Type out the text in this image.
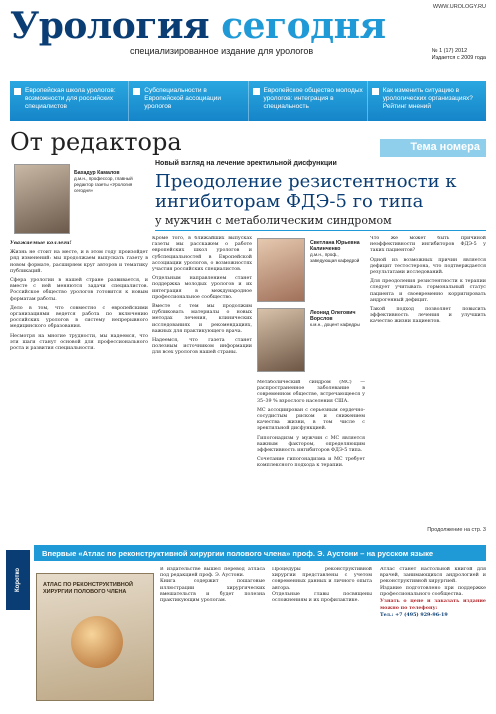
WWW.UROLOGY.RU
Урология сегодня
специализированное издание для урологов	№ 1 (17) 2012
Издается с 2009 года
Европейская школа урологов: возможности для российских специалистов
Субспециальности в Европейской ассоциации урологов
Европейское общество молодых урологов: интеграция в специальность
Как изменить ситуацию в урологических организациях? Рейтинг мнений
От редактора
Бахадур Камалов
д.м.н., профессор, главный редактор газеты «Урология сегодня»

Уважаемые коллеги!

Жизнь не стоит на месте, и в этом году произойдет ряд изменений: мы продолжаем выпускать газету в новом формате, расширяем круг авторов и тематику публикаций.

Сфера урологии в нашей стране развивается, и вместе с ней меняются задачи специалистов. Российское общество урологов готовится к новым форматам работы.

Дело в том, что совместно с европейскими организациями ведется работа по включению российских урологов в систему непрерывного медицинского образования.

Несмотря на многие трудности, мы надеемся, что эти шаги станут основой для профессионального роста и развития специальности.

Тема номера
Новый взгляд на лечение эректильной дисфункции
Преодоление резистентности к ингибиторам ФДЭ-5 го типа
у мужчин с метаболическим синдромом
Светлана Юрьевна Калинченко
д.м.н., проф., заведующая кафедрой
Леонид Олегович Ворслов
к.м.н., доцент кафедры

Кроме того, в ближайших выпусках газеты мы расскажем о работе европейских школ урологов и субспециальностей в Европейской ассоциации урологов, о возможностях участия российских специалистов.

Отдельным направлением станет поддержка молодых урологов и их интеграция в международное профессиональное сообщество.

Вместе с тем мы продолжим публиковать материалы о новых методах лечения, клинических исследованиях и рекомендациях, важных для практикующего врача.

Надеемся, что газета станет полезным источником информации для всех урологов нашей страны.

Метаболический синдром (МС) — распространенное заболевание в современном обществе, встречающееся у 35–39 % взрослого населения США.

МС ассоциирован с серьезным сердечно-сосудистым риском и снижением качества жизни, в том числе с эректильной дисфункцией.

Гипогонадизм у мужчин с МС является важным фактором, определяющим эффективность ингибиторов ФДЭ-5 типа.

Сочетание гипогонадизма и МС требует комплексного подхода к терапии.

Что же может быть причиной неэффективности ингибиторов ФДЭ-5 у таких пациентов?

Одной из возможных причин является дефицит тестостерона, что подтверждается результатами исследований.

Для преодоления резистентности к терапии следует учитывать гормональный статус пациента и своевременно корригировать андрогенный дефицит.

Такой подход позволяет повысить эффективность лечения и улучшить качество жизни пациентов.

Продолжение на стр. 3
Коротко
Впервые «Атлас по реконструктивной хирургии полового члена» проф. Э. Аустони – на русском языке
АТЛАС ПО РЕКОНСТРУКТИВНОЙ ХИРУРГИИ ПОЛОВОГО ЧЛЕНА

В издательстве вышел перевод атласа под редакцией проф. Э. Аустони.

Книга содержит пошаговые иллюстрации хирургических вмешательств и будет полезна практикующим урологам.

Процедуры реконструктивной хирургии представлены с учетом современных данных и личного опыта автора.

Отдельные главы посвящены осложнениям и их профилактике.

Атлас станет настольной книгой для врачей, занимающихся андрологией и реконструктивной хирургией.

Издание подготовлено при поддержке профессионального сообщества.

Узнать о цене и заказать издание можно по телефону:

Тел.: +7 (495) 929-96-19
